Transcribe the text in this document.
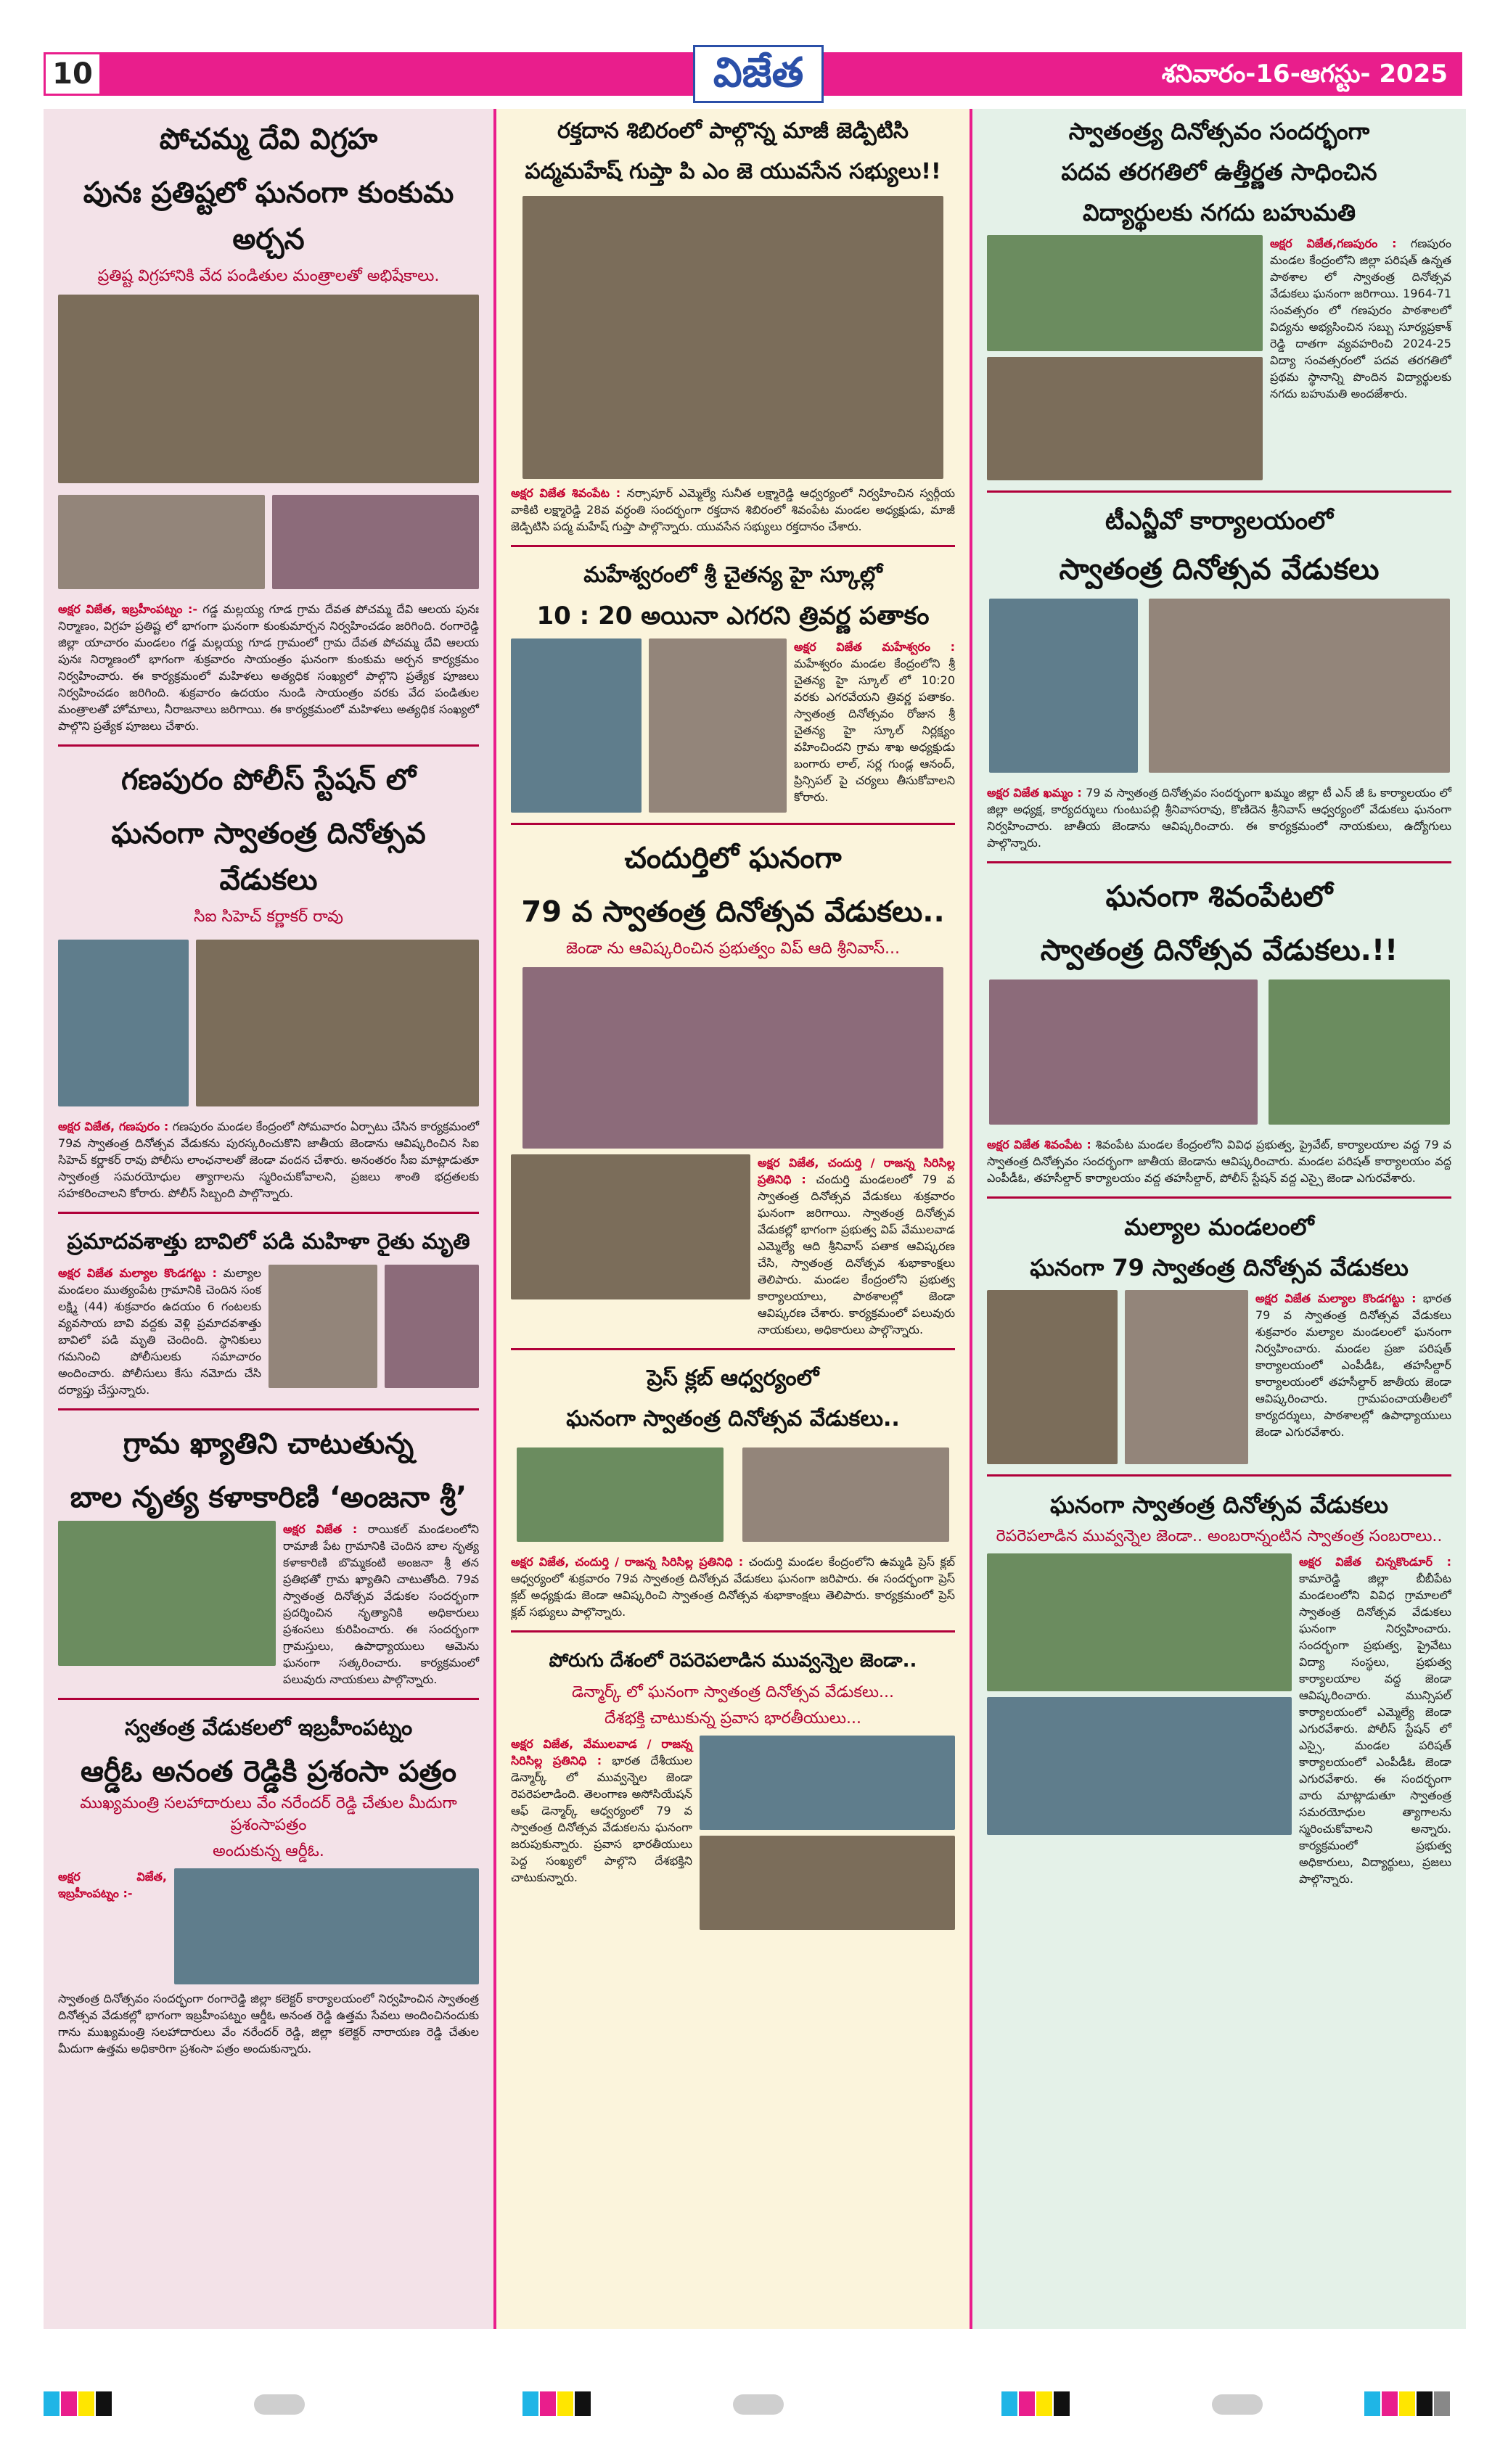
10	విజేత	శనివారం-16-ఆగస్టు- 2025
పోచమ్మ దేవి విగ్రహ
పునః ప్రతిష్టలో ఘనంగా కుంకుమ అర్చన
ప్రతిష్ట విగ్రహానికి వేద పండితుల మంత్రాలతో అభిషేకాలు.
అక్షర విజేత, ఇబ్రహీంపట్నం :- గడ్డ మల్లయ్య గూడ గ్రామ దేవత పోచమ్మ దేవి ఆలయ పునః నిర్మాణం, విగ్రహ ప్రతిష్ట లో భాగంగా ఘనంగా కుంకుమార్చన నిర్వహించడం జరిగింది. రంగారెడ్డి జిల్లా యాచారం మండలం గడ్డ మల్లయ్య గూడ గ్రామంలో గ్రామ దేవత పోచమ్మ దేవి ఆలయ పునః నిర్మాణంలో భాగంగా శుక్రవారం సాయంత్రం ఘనంగా కుంకుమ అర్చన కార్యక్రమం నిర్వహించారు. ఈ కార్యక్రమంలో మహిళలు అత్యధిక సంఖ్యలో పాల్గొని ప్రత్యేక పూజలు నిర్వహించడం జరిగింది. శుక్రవారం ఉదయం నుండి సాయంత్రం వరకు వేద పండితుల మంత్రాలతో హోమాలు, నీరాజనాలు జరిగాయి. ఈ కార్యక్రమంలో మహిళలు అత్యధిక సంఖ్యలో పాల్గొని ప్రత్యేక పూజలు చేశారు.
గణపురం పోలీస్ స్టేషన్ లో
ఘనంగా స్వాతంత్ర దినోత్సవ వేడుకలు
సిఐ సిహెచ్ కర్ణాకర్ రావు
అక్షర విజేత, గణపురం : గణపురం మండల కేంద్రంలో సోమవారం ఏర్పాటు చేసిన కార్యక్రమంలో 79వ స్వాతంత్ర దినోత్సవ వేడుకను పురస్కరించుకొని జాతీయ జెండాను ఆవిష్కరించిన సిఐ సిహెచ్ కర్ణాకర్ రావు పోలీసు లాంఛనాలతో జెండా వందన చేశారు. అనంతరం సీఐ మాట్లాడుతూ స్వాతంత్ర సమరయోధుల త్యాగాలను స్మరించుకోవాలని, ప్రజలు శాంతి భద్రతలకు సహకరించాలని కోరారు. పోలీస్ సిబ్బంది పాల్గొన్నారు.
ప్రమాదవశాత్తు బావిలో పడి మహిళా రైతు మృతి
అక్షర విజేత మల్యాల కొండగట్టు : మల్యాల మండలం ముత్యంపేట గ్రామానికి చెందిన సంక లక్ష్మి (44) శుక్రవారం ఉదయం 6 గంటలకు వ్యవసాయ బావి వద్దకు వెళ్లి ప్రమాదవశాత్తు బావిలో పడి మృతి చెందింది. స్థానికులు గమనించి పోలీసులకు సమాచారం అందించారు. పోలీసులు కేసు నమోదు చేసి దర్యాప్తు చేస్తున్నారు.
గ్రామ ఖ్యాతిని చాటుతున్న
బాల నృత్య కళాకారిణి ‘అంజనా శ్రీ’
అక్షర విజేత : రాయికల్ మండలంలోని రామాజీ పేట గ్రామానికి చెందిన బాల నృత్య కళాకారిణి బొమ్మకంటి అంజనా శ్రీ తన ప్రతిభతో గ్రామ ఖ్యాతిని చాటుతోంది. 79వ స్వాతంత్ర దినోత్సవ వేడుకల సందర్భంగా ప్రదర్శించిన నృత్యానికి అధికారులు ప్రశంసలు కురిపించారు. ఈ సందర్భంగా గ్రామస్తులు, ఉపాధ్యాయులు ఆమెను ఘనంగా సత్కరించారు. కార్యక్రమంలో పలువురు నాయకులు పాల్గొన్నారు.
స్వతంత్ర వేడుకలలో ఇబ్రహీంపట్నం
ఆర్డీఓ అనంత రెడ్డికి ప్రశంసా పత్రం
ముఖ్యమంత్రి సలహాదారులు వేం నరేందర్ రెడ్డి చేతుల మీదుగా ప్రశంసాపత్రం
అందుకున్న ఆర్డీఓ.
అక్షర విజేత, ఇబ్రహీంపట్నం :-
స్వాతంత్ర దినోత్సవం సందర్భంగా రంగారెడ్డి జిల్లా కలెక్టర్ కార్యాలయంలో నిర్వహించిన స్వాతంత్ర దినోత్సవ వేడుకల్లో భాగంగా ఇబ్రహీంపట్నం ఆర్డీఓ అనంత రెడ్డి ఉత్తమ సేవలు అందించినందుకు గాను ముఖ్యమంత్రి సలహాదారులు వేం నరేందర్ రెడ్డి, జిల్లా కలెక్టర్ నారాయణ రెడ్డి చేతుల మీదుగా ఉత్తమ అధికారిగా ప్రశంసా పత్రం అందుకున్నారు.
రక్తదాన శిబిరంలో పాల్గొన్న మాజీ జెడ్పిటిసి
పద్మమహేష్ గుప్తా పి ఎం జె యువసేన సభ్యులు!!
అక్షర విజేత శివంపేట : నర్సాపూర్ ఎమ్మెల్యే సునీత లక్ష్మారెడ్డి ఆధ్వర్యంలో నిర్వహించిన స్వర్గీయ వాకిటి లక్ష్మారెడ్డి 28వ వర్ధంతి సందర్భంగా రక్తదాన శిబిరంలో శివంపేట మండల అధ్యక్షుడు, మాజీ జెడ్పిటిసి పద్మ మహేష్ గుప్తా పాల్గొన్నారు. యువసేన సభ్యులు రక్తదానం చేశారు.
మహేశ్వరంలో శ్రీ చైతన్య హై స్కూల్లో
10 : 20 అయినా ఎగరని త్రివర్ణ పతాకం
అక్షర విజేత మహేశ్వరం : మహేశ్వరం మండల కేంద్రంలోని శ్రీ చైతన్య హై స్కూల్ లో 10:20 వరకు ఎగరవేయని త్రివర్ణ పతాకం. స్వాతంత్ర దినోత్సవం రోజున శ్రీ చైతన్య హై స్కూల్ నిర్లక్ష్యం వహించిందని గ్రామ శాఖ అధ్యక్షుడు బంగారు లాల్, సర్ల గుండ్ల ఆనంద్, ప్రిన్సిపల్ పై చర్యలు తీసుకోవాలని కోరారు.
చందుర్తిలో ఘనంగా
79 వ స్వాతంత్ర దినోత్సవ వేడుకలు..
జెండా ను ఆవిష్కరించిన ప్రభుత్వం విప్ ఆది శ్రీనివాస్...
అక్షర విజేత, చందుర్తి / రాజన్న సిరిసిల్ల ప్రతినిధి : చందుర్తి మండలంలో 79 వ స్వాతంత్ర దినోత్సవ వేడుకలు శుక్రవారం ఘనంగా జరిగాయి. స్వాతంత్ర దినోత్సవ వేడుకల్లో భాగంగా ప్రభుత్వ విప్ వేములవాడ ఎమ్మెల్యే ఆది శ్రీనివాస్ పతాక ఆవిష్కరణ చేసి, స్వాతంత్ర దినోత్సవ శుభాకాంక్షలు తెలిపారు. మండల కేంద్రంలోని ప్రభుత్వ కార్యాలయాలు, పాఠశాలల్లో జెండా ఆవిష్కరణ చేశారు. కార్యక్రమంలో పలువురు నాయకులు, అధికారులు పాల్గొన్నారు.
ప్రెస్ క్లబ్ ఆధ్వర్యంలో
ఘనంగా స్వాతంత్ర దినోత్సవ వేడుకలు..
అక్షర విజేత, చందుర్తి / రాజన్న సిరిసిల్ల ప్రతినిధి : చందుర్తి మండల కేంద్రంలోని ఉమ్మడి ప్రెస్ క్లబ్ ఆధ్వర్యంలో శుక్రవారం 79వ స్వాతంత్ర దినోత్సవ వేడుకలు ఘనంగా జరిపారు. ఈ సందర్భంగా ప్రెస్ క్లబ్ అధ్యక్షుడు జెండా ఆవిష్కరించి స్వాతంత్ర దినోత్సవ శుభాకాంక్షలు తెలిపారు. కార్యక్రమంలో ప్రెస్ క్లబ్ సభ్యులు పాల్గొన్నారు.
పోరుగు దేశంలో రెపరెపలాడిన మువ్వన్నెల జెండా..
డెన్మార్క్ లో ఘనంగా స్వాతంత్ర దినోత్సవ వేడుకలు...
దేశభక్తి చాటుకున్న ప్రవాస భారతీయులు...
అక్షర విజేత, వేములవాడ / రాజన్న సిరిసిల్ల ప్రతినిధి : భారత దేశీయుల డెన్మార్క్ లో మువ్వన్నెల జెండా రెపరెపలాడింది. తెలంగాణ అసోసియేషన్ ఆఫ్ డెన్మార్క్ ఆధ్వర్యంలో 79 వ స్వాతంత్ర దినోత్సవ వేడుకలను ఘనంగా జరుపుకున్నారు. ప్రవాస భారతీయులు పెద్ద సంఖ్యలో పాల్గొని దేశభక్తిని చాటుకున్నారు.
స్వాతంత్ర్య దినోత్సవం సందర్భంగా
పదవ తరగతిలో ఉత్తీర్ణత సాధించిన
విద్యార్థులకు నగదు బహుమతి
అక్షర విజేత,గణపురం : గణపురం మండల కేంద్రంలోని జిల్లా పరిషత్ ఉన్నత పాఠశాల లో స్వాతంత్ర దినోత్సవ వేడుకలు ఘనంగా జరిగాయి. 1964-71 సంవత్సరం లో గణపురం పాఠశాలలో విద్యను అభ్యసించిన సబ్బు సూర్యప్రకాశ్ రెడ్డి దాతగా వ్యవహరించి 2024-25 విద్యా సంవత్సరంలో పదవ తరగతిలో ప్రథమ స్థానాన్ని పొందిన విద్యార్థులకు నగదు బహుమతి అందజేశారు.
టీఎన్జీవో కార్యాలయంలో
స్వాతంత్ర దినోత్సవ వేడుకలు
అక్షర విజేత ఖమ్మం : 79 వ స్వాతంత్ర దినోత్సవం సందర్భంగా ఖమ్మం జిల్లా టీ ఎన్ జీ ఓ కార్యాలయం లో జిల్లా అధ్యక్ష, కార్యదర్శులు గుంటుపల్లి శ్రీనివాసరావు, కొణిదెన శ్రీనివాస్ ఆధ్వర్యంలో వేడుకలు ఘనంగా నిర్వహించారు. జాతీయ జెండాను ఆవిష్కరించారు. ఈ కార్యక్రమంలో నాయకులు, ఉద్యోగులు పాల్గొన్నారు.
ఘనంగా శివంపేటలో
స్వాతంత్ర దినోత్సవ వేడుకలు.!!
అక్షర విజేత శివంపేట : శివంపేట మండల కేంద్రంలోని వివిధ ప్రభుత్వ, ప్రైవేట్, కార్యాలయాల వద్ద 79 వ స్వాతంత్ర దినోత్సవం సందర్భంగా జాతీయ జెండాను ఆవిష్కరించారు. మండల పరిషత్ కార్యాలయం వద్ద ఎంపీడీఓ, తహసీల్దార్ కార్యాలయం వద్ద తహసీల్దార్, పోలీస్ స్టేషన్ వద్ద ఎస్సై జెండా ఎగురవేశారు.
మల్యాల మండలంలో
ఘనంగా 79 స్వాతంత్ర దినోత్సవ వేడుకలు
అక్షర విజేత మల్యాల కొండగట్టు : భారత 79 వ స్వాతంత్ర దినోత్సవ వేడుకలు శుక్రవారం మల్యాల మండలంలో ఘనంగా నిర్వహించారు. మండల ప్రజా పరిషత్ కార్యాలయంలో ఎంపీడీఓ, తహసీల్దార్ కార్యాలయంలో తహసీల్దార్ జాతీయ జెండా ఆవిష్కరించారు. గ్రామపంచాయతీలలో కార్యదర్శులు, పాఠశాలల్లో ఉపాధ్యాయులు జెండా ఎగురవేశారు.
ఘనంగా స్వాతంత్ర దినోత్సవ వేడుకలు
రెపరెపలాడిన మువ్వన్నెల జెండా.. అంబరాన్నంటిన స్వాతంత్ర సంబరాలు..
అక్షర విజేత చిన్నకొండూర్ : కామారెడ్డి జిల్లా బీబీపేట మండలంలోని వివిధ గ్రామాలలో స్వాతంత్ర దినోత్సవ వేడుకలు ఘనంగా నిర్వహించారు. సందర్భంగా ప్రభుత్వ, ప్రైవేటు విద్యా సంస్థలు, ప్రభుత్వ కార్యాలయాల వద్ద జెండా ఆవిష్కరించారు. మున్సిపల్ కార్యాలయంలో ఎమ్మెల్యే జెండా ఎగురవేశారు. పోలీస్ స్టేషన్ లో ఎస్సై, మండల పరిషత్ కార్యాలయంలో ఎంపీడీఓ జెండా ఎగురవేశారు. ఈ సందర్భంగా వారు మాట్లాడుతూ స్వాతంత్ర సమరయోధుల త్యాగాలను స్మరించుకోవాలని అన్నారు. కార్యక్రమంలో ప్రభుత్వ అధికారులు, విద్యార్థులు, ప్రజలు పాల్గొన్నారు.
